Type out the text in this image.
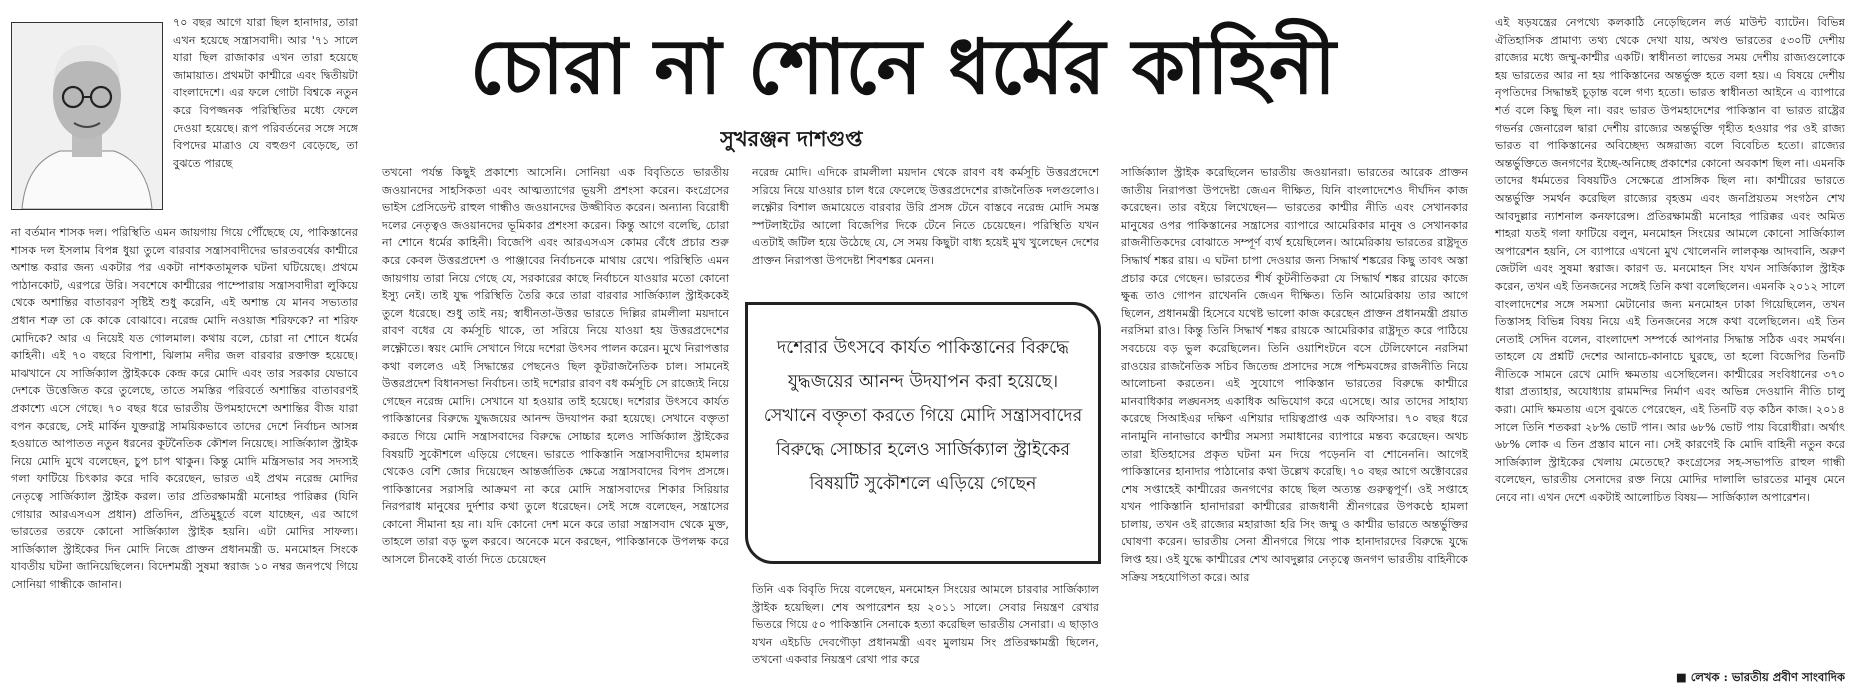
৭০ বছর আগে যারা ছিল হানাদার, তারা এখন হয়েছে সন্ত্রাসবাদী। আর '৭১ সালে যারা ছিল রাজাকার এখন তারা হয়েছে জামায়াত। প্রথমটা কাশ্মীরে এবং দ্বিতীয়টা বাংলাদেশে। এর ফলে গোটা বিশ্বকে নতুন করে বিপজ্জনক পরিস্থিতির মধ্যে ফেলে দেওয়া হয়েছে। রূপ পরিবর্তনের সঙ্গে সঙ্গে বিপদের মাত্রাও যে বহুগুণ বেড়েছে, তা বুঝতে পারছে

না বর্তমান শাসক দল। পরিস্থিতি এমন জায়গায় গিয়ে পৌঁছেছে যে, পাকিস্তানের শাসক দল ইসলাম বিপন্ন ধুয়া তুলে বারবার সন্ত্রাসবাদীদের ভারতবর্ষের কাশ্মীরে অশান্ত করার জন্য একটার পর একটা নাশকতামূলক ঘটনা ঘটিয়েছে। প্রথমে পাঠানকোট, এরপরে উরি। সবশেষে কাশ্মীরের পাম্পোরায় সন্ত্রাসবাদীরা লুকিয়ে থেকে অশান্তির বাতাবরণ সৃষ্টিই শুধু করেনি, এই অশান্ত যে মানব সভ্যতার প্রধান শত্রু তা কে কাকে বোঝাবে। নরেন্দ্র মোদি নওয়াজ শরিফকে? না শরিফ মোদিকে? আর এ নিয়েই যত গোলমাল। কথায় বলে, চোরা না শোনে ধর্মের কাহিনী। এই ৭০ বছরে বিপাশা, ঝিলাম নদীর জল বারবার রক্তাক্ত হয়েছে। মাঝখানে যে সার্জিক্যাল স্ট্রাইককে কেন্দ্র করে মোদি এবং তার সরকার যেভাবে দেশকে উত্তেজিত করে তুলেছে, তাতে সমস্তির পরিবর্তে অশান্তির বাতাবরণই প্রকাশ্যে এসে গেছে। ৭০ বছর ধরে ভারতীয় উপমহাদেশে অশান্তির বীজ যারা বপন করেছে, সেই মার্কিন যুক্তরাষ্ট্র সাময়িকভাবে তাদের দেশে নির্বাচন আসন্ন হওয়াতে আপাতত নতুন ধরনের কূটনৈতিক কৌশল নিয়েছে। সার্জিক্যাল স্ট্রাইক নিয়ে মোদি মুখে বলেছেন, চুপ চাপ থাকুন। কিন্তু মোদি মন্ত্রিসভার সব সদস্যই গলা ফাটিয়ে চিৎকার করে দাবি করেছেন, ভারত এই প্রথম নরেন্দ্র মোদির নেতৃত্বে সার্জিক্যাল স্ট্রাইক করল। তার প্রতিরক্ষামন্ত্রী মনোহর পারিক্কর (যিনি গোয়ার আরএসএস প্রধান) প্রতিদিন, প্রতিমুহূর্তে বলে যাচ্ছেন, এর আগে ভারতের তরফে কোনো সার্জিক্যাল স্ট্রাইক হয়নি। এটা মোদির সাফল্য। সার্জিক্যাল স্ট্রাইকের দিন মোদি নিজে প্রাক্তন প্রধানমন্ত্রী ড. মনমোহন সিংকে যাবতীয় ঘটনা জানিয়েছিলেন। বিদেশমন্ত্রী সুষমা স্বরাজ ১০ নম্বর জনপথে গিয়ে সোনিয়া গান্ধীকে জানান।

চোরা না শোনে ধর্মের কাহিনী
সুখরঞ্জন দাশগুপ্ত

তখনো পর্যন্ত কিছুই প্রকাশ্যে আসেনি। সোনিয়া এক বিবৃতিতে ভারতীয় জওয়ানদের সাহসিকতা এবং আত্মত্যাগের ভূয়সী প্রশংসা করেন। কংগ্রেসের ভাইস প্রেসিডেন্ট রাহুল গান্ধীও জওয়ানদের উজ্জীবিত করেন। অন্যান্য বিরোধী দলের নেতৃত্বও জওয়ানদের ভূমিকার প্রশংসা করেন। কিন্তু আগে বলেছি, চোরা না শোনে ধর্মের কাহিনী। বিজেপি এবং আরএসএস কোমর বেঁধে প্রচার শুরু করে কেবল উত্তরপ্রদেশ ও পাঞ্জাবের নির্বাচনকে মাথায় রেখে। পরিস্থিতি এমন জায়গায় তারা নিয়ে গেছে যে, সরকারের কাছে নির্বাচনে যাওয়ার মতো কোনো ইস্যু নেই। তাই যুদ্ধ পরিস্থিতি তৈরি করে তারা বারবার সার্জিক্যাল স্ট্রাইককেই তুলে ধরেছে। শুধু তাই নয়; স্বাধীনতা-উত্তর ভারতে দিল্লির রামলীলা ময়দানে রাবণ বধের যে কর্মসূচি থাকে, তা সরিয়ে নিয়ে যাওয়া হয় উত্তরপ্রদেশের লক্ষ্ণৌতে। স্বয়ং মোদি সেখানে গিয়ে দশেরা উৎসব পালন করেন। মুখে নিরাপত্তার কথা বললেও এই সিদ্ধান্তের পেছনেও ছিল কূটরাজনৈতিক চাল। সামনেই উত্তরপ্রদেশ বিধানসভা নির্বাচন। তাই দশেরার রাবণ বধ কর্মসূচি সে রাজ্যেই নিয়ে গেছেন নরেন্দ্র মোদি। সেখানে যা হওয়ার তাই হয়েছে। দশেরার উৎসবে কার্যত পাকিস্তানের বিরুদ্ধে যুদ্ধজয়ের আনন্দ উদযাপন করা হয়েছে। সেখানে বক্তৃতা করতে গিয়ে মোদি সন্ত্রাসবাদের বিরুদ্ধে সোচ্চার হলেও সার্জিক্যাল স্ট্রাইকের বিষয়টি সুকৌশলে এড়িয়ে গেছেন। ভারতে পাকিস্তানি সন্ত্রাসবাদীদের হামলার থেকেও বেশি জোর দিয়েছেন আন্তর্জাতিক ক্ষেত্রে সন্ত্রাসবাদের বিপদ প্রসঙ্গে। পাকিস্তানের সরাসরি আক্রমণ না করে মোদি সন্ত্রাসবাদের শিকার সিরিয়ার নিরপরাধ মানুষের দুর্দশার কথা তুলে ধরেছেন। সেই সঙ্গে বলেছেন, সন্ত্রাসের কোনো সীমানা হয় না। যদি কোনো দেশ মনে করে তারা সন্ত্রাসবাদ থেকে মুক্ত, তাহলে তারা বড় ভুল করবে। অনেকে মনে করছেন, পাকিস্তানকে উপলক্ষ করে আসলে চীনকেই বার্তা দিতে চেয়েছেন

নরেন্দ্র মোদি। এদিকে রামলীলা ময়দান থেকে রাবণ বধ কর্মসূচি উত্তরপ্রদেশে সরিয়ে নিয়ে যাওয়ার চাল ধরে ফেলেছে উত্তরপ্রদেশের রাজনৈতিক দলগুলোও। লক্ষ্ণৌর বিশাল জমায়েতে বারবার উরি প্রসঙ্গ টেনে বাস্তবে নরেন্দ্র মোদি সমস্ত স্পটলাইটের আলো বিজেপির দিকে টেনে নিতে চেয়েছেন। পরিস্থিতি যখন এতটাই জটিল হয়ে উঠেছে যে, সে সময় কিছুটা বাধ্য হয়েই মুখ খুলেছেন দেশের প্রাক্তন নিরাপত্তা উপদেষ্টা শিবশঙ্কর মেনন।

দশেরার উৎসবে কার্যত পাকিস্তানের বিরুদ্ধে যুদ্ধজয়ের আনন্দ উদযাপন করা হয়েছে। সেখানে বক্তৃতা করতে গিয়ে মোদি সন্ত্রাসবাদের বিরুদ্ধে সোচ্চার হলেও সার্জিক্যাল স্ট্রাইকের বিষয়টি সুকৌশলে এড়িয়ে গেছেন

তিনি এক বিবৃতি দিয়ে বলেছেন, মনমোহন সিংয়ের আমলে চারবার সার্জিক্যাল স্ট্রাইক হয়েছিল। শেষ অপারেশন হয় ২০১১ সালে। সেবার নিয়ন্ত্রণ রেখার ভিতরে গিয়ে ৫০ পাকিস্তানি সেনাকে হত্যা করেছিল ভারতীয় সেনারা। এ ছাড়াও যখন এইচডি দেবগৌড়া প্রধানমন্ত্রী এবং মুলায়ম সিং প্রতিরক্ষামন্ত্রী ছিলেন, তখনো একবার নিয়ন্ত্রণ রেখা পার করে

সার্জিক্যাল স্ট্রাইক করেছিলেন ভারতীয় জওয়ানরা। ভারতের আরেক প্রাক্তন জাতীয় নিরাপত্তা উপদেষ্টা জেএন দীক্ষিত, যিনি বাংলাদেশেও দীর্ঘদিন কাজ করেছেন। তার বইয়ে লিখেছেন— ভারতের কাশ্মীর নীতি এবং সেখানকার মানুষের ওপর পাকিস্তানের সন্ত্রাসের ব্যাপারে আমেরিকার মানুষ ও সেখানকার রাজনীতিকদের বোঝাতে সম্পূর্ণ ব্যর্থ হয়েছিলেন। আমেরিকায় ভারতের রাষ্ট্রদূত সিদ্ধার্থ শঙ্কর রায়। এ ঘটনা চাপা দেওয়ার জন্য সিদ্ধার্থ শঙ্করের কিছু তাবৎ অস্তা প্রচার করে গেছেন। ভারতের শীর্ষ কূটনীতিকরা যে সিদ্ধার্থ শঙ্কর রায়ের কাজে ক্ষুব্ধ তাও গোপন রাখেননি জেএন দীক্ষিত। তিনি আমেরিকায় তার আগে ছিলেন, প্রধানমন্ত্রী হিসেবে যথেষ্ট ভালো কাজ করেছেন প্রাক্তন প্রধানমন্ত্রী প্রয়াত নরসিমা রাও। কিন্তু তিনি সিদ্ধার্থ শঙ্কর রায়কে আমেরিকার রাষ্ট্রদূত করে পাঠিয়ে সবচেয়ে বড় ভুল করেছিলেন। তিনি ওয়াশিংটনে বসে টেলিফোনে নরসিমা রাওয়ের রাজনৈতিক সচিব জিতেন্দ্র প্রসাদের সঙ্গে পশ্চিমবঙ্গের রাজনীতি নিয়ে আলোচনা করতেন। এই সুযোগে পাকিস্তান ভারতের বিরুদ্ধে কাশ্মীরে মানবাধিকার লঙ্ঘনসহ একাধিক অভিযোগ করে এসেছে। আর তাদের সাহায্য করেছে সিআইএর দক্ষিণ এশিয়ার দায়িত্বপ্রাপ্ত এক অফিসার। ৭০ বছর ধরে নানামুনি নানাভাবে কাশ্মীর সমস্যা সমাধানের ব্যাপারে মন্তব্য করেছেন। অথচ তারা ইতিহাসের প্রকৃত ঘটনা মন দিয়ে পড়েননি বা শোনেননি। আগেই পাকিস্তানের হানাদার পাঠানোর কথা উল্লেখ করেছি। ৭০ বছর আগে অক্টোবরের শেষ সপ্তাহেই কাশ্মীরের জনগণের কাছে ছিল অত্যন্ত গুরুত্বপূর্ণ। ওই সপ্তাহে যখন পাকিস্তানি হানাদাররা কাশ্মীরের রাজধানী শ্রীনগরের উপকণ্ঠে হামলা চালায়, তখন ওই রাজ্যের মহারাজা হরি সিং জম্মু ও কাশ্মীর ভারতে অন্তর্ভুক্তির ঘোষণা করেন। ভারতীয় সেনা শ্রীনগরে গিয়ে পাক হানাদারদের বিরুদ্ধে যুদ্ধে লিপ্ত হয়। ওই যুদ্ধে কাশ্মীরের শেখ আবদুল্লার নেতৃত্বে জনগণ ভারতীয় বাহিনীকে সক্রিয় সহযোগিতা করে। আর

এই ষড়যন্ত্রের নেপথ্যে কলকাঠি নেড়েছিলেন লর্ড মাউন্ট ব্যাটেন। বিভিন্ন ঐতিহাসিক প্রামাণ্য তথ্য থেকে দেখা যায়, অখণ্ড ভারতের ৫৩০টি দেশীয় রাজ্যের মধ্যে জম্মু-কাশ্মীর একটি। স্বাধীনতা লাভের সময় দেশীয় রাজ্যগুলোকে হয় ভারতের আর না হয় পাকিস্তানের অন্তর্ভুক্ত হতে বলা হয়। এ বিষয়ে দেশীয় নৃপতিদের সিদ্ধান্তই চূড়ান্ত বলে গণ্য হতো। ভারত স্বাধীনতা আইনে এ ব্যাপারে শর্ত বলে কিছু ছিল না। বরং ভারত উপমহাদেশের পাকিস্তান বা ভারত রাষ্ট্রের গভর্নর জেনারেল দ্বারা দেশীয় রাজ্যের অন্তর্ভুক্তি গৃহীত হওয়ার পর ওই রাজ্য ভারত বা পাকিস্তানের অবিচ্ছেদ্য অঙ্গরাজ্য বলে বিবেচিত হতো। রাজ্যের অন্তর্ভুক্তিতে জনগণের ইচ্ছে-অনিচ্ছে প্রকাশের কোনো অবকাশ ছিল না। এমনকি তাদের ধর্মমতের বিষয়টিও সেক্ষেত্রে প্রাসঙ্গিক ছিল না। কাশ্মীরের ভারতে অন্তর্ভুক্তি সমর্থন করেছিল রাজ্যের বৃহত্তম এবং জনপ্রিয়তম সংগঠন শেখ আবদুল্লার ন্যাশনাল কনফারেন্স। প্রতিরক্ষামন্ত্রী মনোহর পারিক্কর এবং অমিত শাহরা যতই গলা ফাটিয়ে বলুন, মনমোহন সিংয়ের আমলে কোনো সার্জিক্যাল অপারেশন হয়নি, সে ব্যাপারে এখনো মুখ খোলেননি লালকৃষ্ণ আদবানি, অরুণ জেটলি এবং সুষমা স্বরাজ। কারণ ড. মনমোহন সিং যখন সার্জিক্যাল স্ট্রাইক করেন, তখন এই তিনজনের সঙ্গেই তিনি কথা বলেছিলেন। এমনকি ২০১২ সালে বাংলাদেশের সঙ্গে সমস্যা মেটানোর জন্য মনমোহন ঢাকা গিয়েছিলেন, তখন তিস্তাসহ বিভিন্ন বিষয় নিয়ে এই তিনজনের সঙ্গে কথা বলেছিলেন। এই তিন নেতাই সেদিন বলেন, বাংলাদেশ সম্পর্কে আপনার সিদ্ধান্ত সঠিক এবং সমর্থন। তাহলে যে প্রশ্নটি দেশের আনাচে-কানাচে ঘুরছে, তা হলো বিজেপির তিনটি নীতিকে সামনে রেখে মোদি ক্ষমতায় এসেছিলেন। কাশ্মীরের সংবিধানের ৩৭০ ধারা প্রত্যাহার, অযোধ্যায় রামমন্দির নির্মাণ এবং অভিন্ন দেওয়ানি নীতি চালু করা। মোদি ক্ষমতায় এসে বুঝতে পেরেছেন, এই তিনটি বড় কঠিন কাজ। ২০১৪ সালে তিনি শতকরা ২৮% ভোট পান। আর ৬৮% ভোট পায় বিরোধীরা। অর্থাৎ ৬৮% লোক এ তিন প্রস্তাব মানে না। সেই কারণেই কি মোদি বাহিনী নতুন করে সার্জিক্যাল স্ট্রাইকের খেলায় মেতেছে? কংগ্রেসের সহ-সভাপতি রাহুল গান্ধী বলেছেন, ভারতীয় সেনাদের রক্ত নিয়ে মোদির দালালি ভারতের মানুষ মেনে নেবে না। এখন দেশে একটাই আলোচিত বিষয়— সার্জিক্যাল অপারেশন।

■ লেখক : ভারতীয় প্রবীণ সাংবাদিক
